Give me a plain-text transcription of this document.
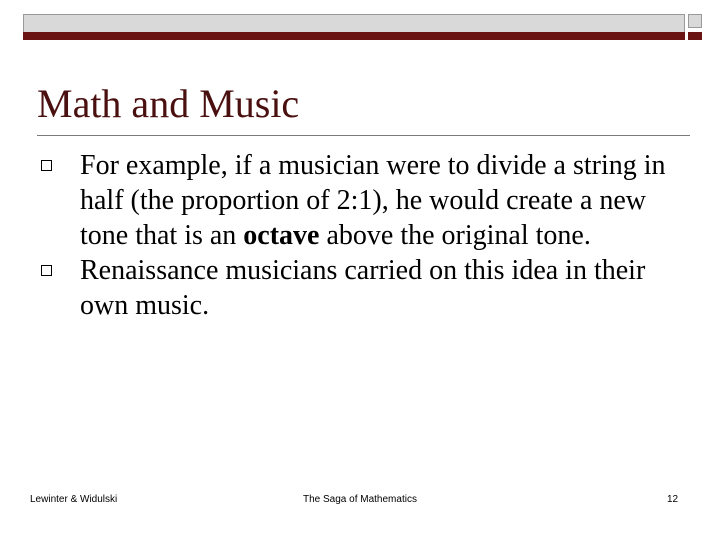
Math and Music
For example, if a musician were to divide a string in half (the proportion of 2:1), he would create a new tone that is an octave above the original tone.
Renaissance musicians carried on this idea in their own music.
Lewinter & Widulski	The Saga of Mathematics	12
